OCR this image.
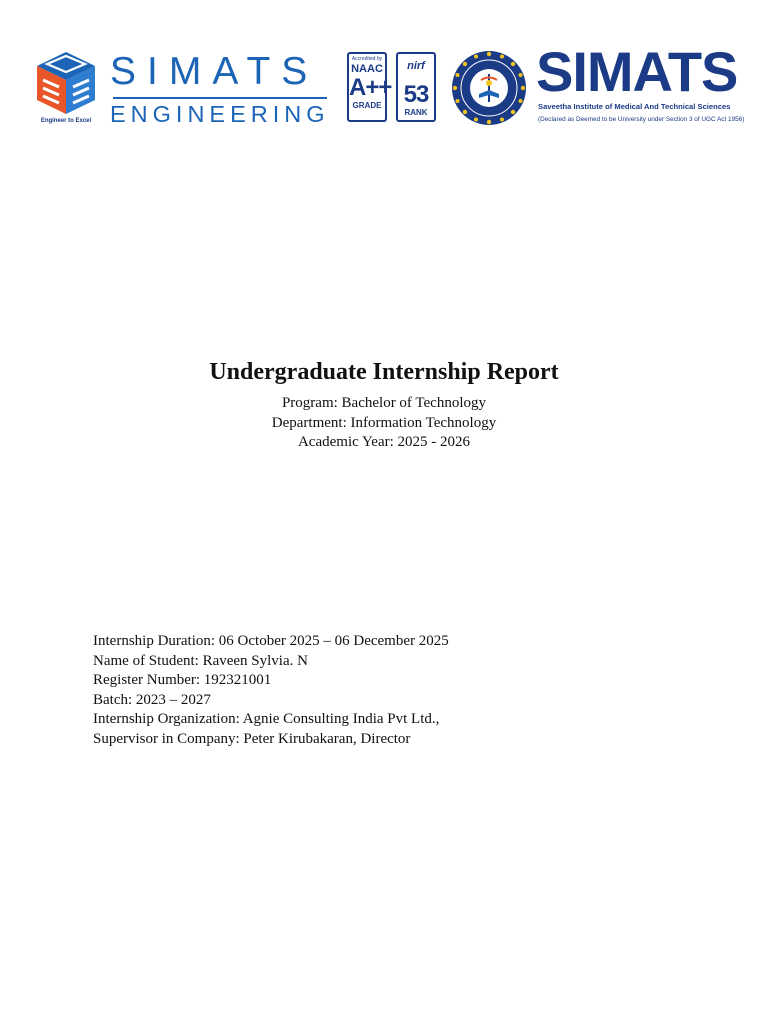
Engineer to Excel
SIMATS
ENGINEERING
Accredited by
NAAC
A++
GRADE
nirf
53
RANK
SIMATS
Saveetha Institute of Medical And Technical Sciences
(Declared as Deemed to be University under Section 3 of UGC Act 1956)
Undergraduate Internship Report
Program: Bachelor of Technology
Department: Information Technology
Academic Year: 2025 - 2026
Internship Duration: 06 October 2025 – 06 December 2025
Name of Student: Raveen Sylvia. N
Register Number: 192321001
Batch: 2023 – 2027
Internship Organization: Agnie Consulting India Pvt Ltd.,
Supervisor in Company: Peter Kirubakaran, Director
